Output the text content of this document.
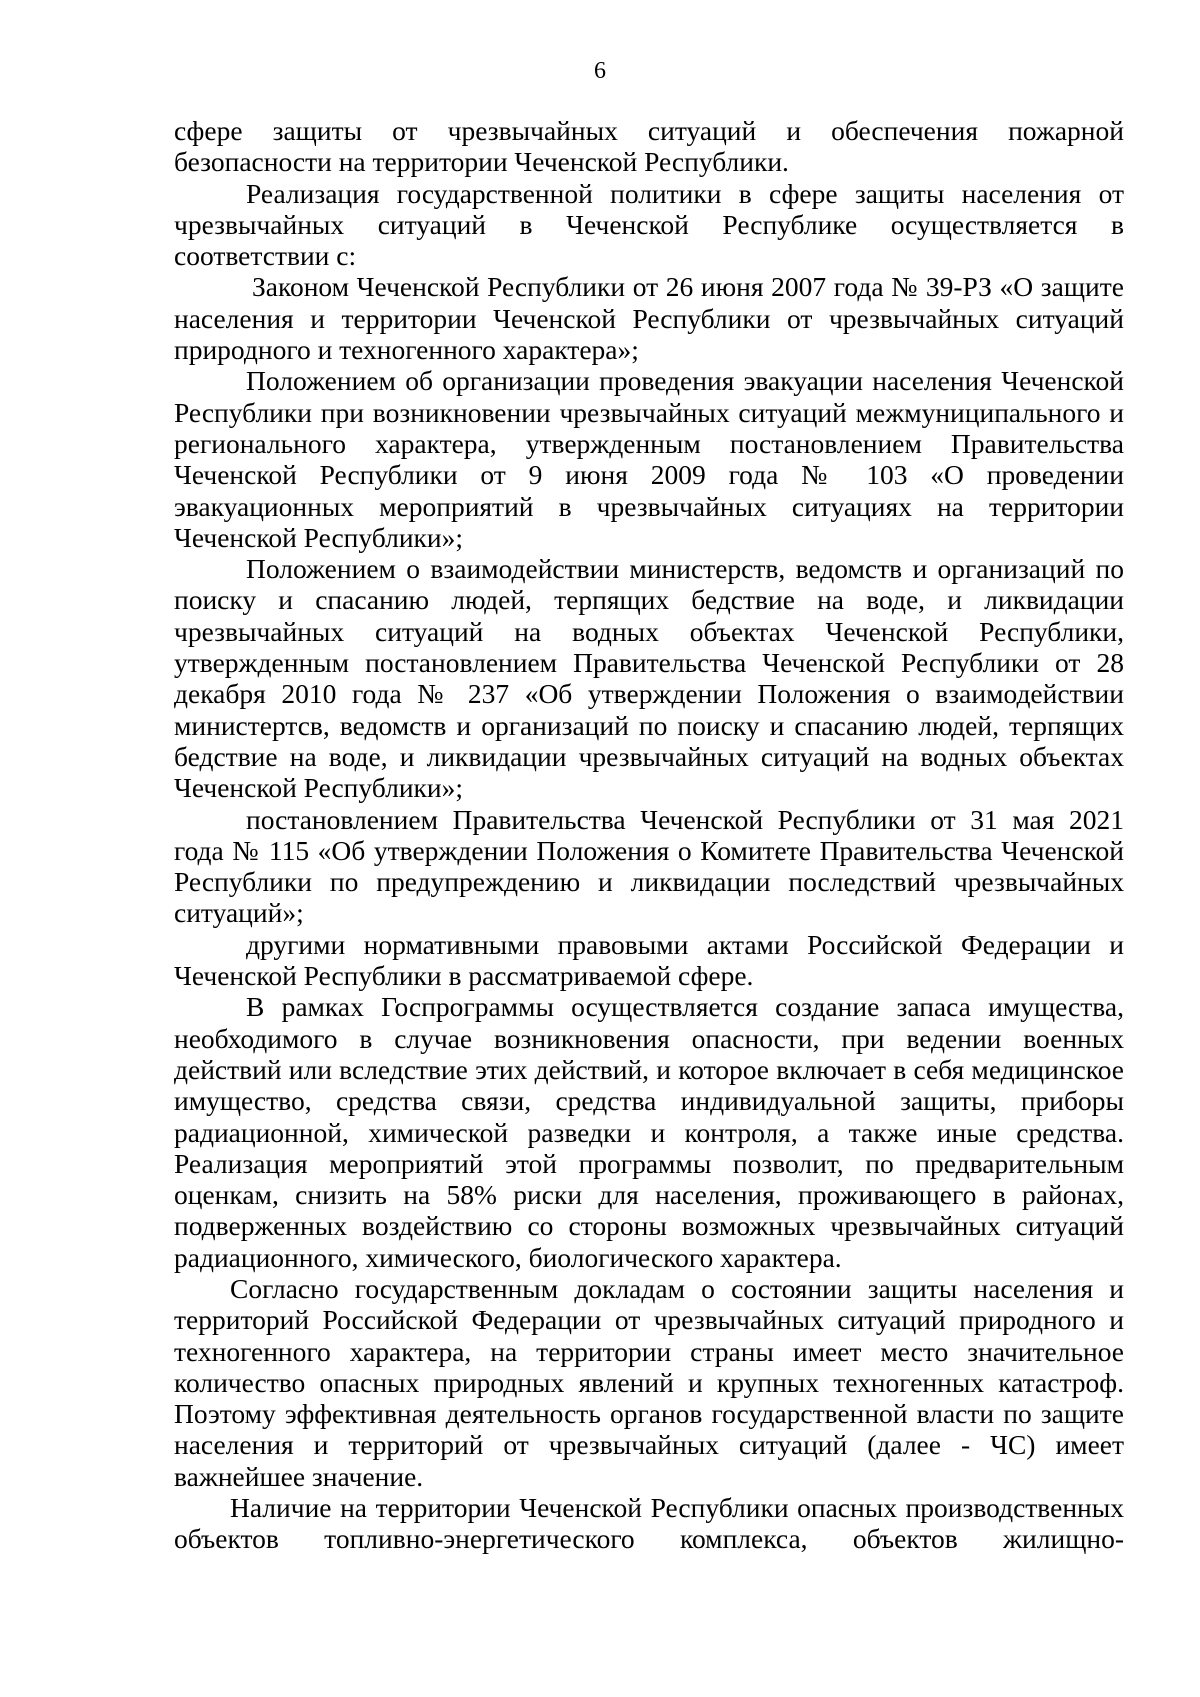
6

сфере защиты от чрезвычайных ситуаций и обеспечения пожарной безопасности на территории Чеченской Республики.

Реализация государственной политики в сфере защиты населения от чрезвычайных ситуаций в Чеченской Республике осуществляется в соответствии с:

Законом Чеченской Республики от 26 июня 2007 года № 39-РЗ «О защите населения и территории Чеченской Республики от чрезвычайных ситуаций природного и техногенного характера»;

Положением об организации проведения эвакуации населения Чеченской Республики при возникновении чрезвычайных ситуаций межмуниципального и регионального характера, утвержденным постановлением Правительства Чеченской Республики от 9 июня 2009 года № 103 «О проведении эвакуационных мероприятий в чрезвычайных ситуациях на территории Чеченской Республики»;

Положением о взаимодействии министерств, ведомств и организаций по поиску и спасанию людей, терпящих бедствие на воде, и ликвидации чрезвычайных ситуаций на водных объектах Чеченской Республики, утвержденным постановлением Правительства Чеченской Республики от 28 декабря 2010 года № 237 «Об утверждении Положения о взаимодействии министертсв, ведомств и организаций по поиску и спасанию людей, терпящих бедствие на воде, и ликвидации чрезвычайных ситуаций на водных объектах Чеченской Республики»;

постановлением Правительства Чеченской Республики от 31 мая 2021 года № 115 «Об утверждении Положения о Комитете Правительства Чеченской Республики по предупреждению и ликвидации последствий чрезвычайных ситуаций»;

другими нормативными правовыми актами Российской Федерации и Чеченской Республики в рассматриваемой сфере.

В рамках Госпрограммы осуществляется создание запаса имущества, необходимого в случае возникновения опасности, при ведении военных действий или вследствие этих действий, и которое включает в себя медицинское имущество, средства связи, средства индивидуальной защиты, приборы радиационной, химической разведки и контроля, а также иные средства. Реализация мероприятий этой программы позволит, по предварительным оценкам, снизить на 58% риски для населения, проживающего в районах, подверженных воздействию со стороны возможных чрезвычайных ситуаций радиационного, химического, биологического характера.

Согласно государственным докладам о состоянии защиты населения и территорий Российской Федерации от чрезвычайных ситуаций природного и техногенного характера, на территории страны имеет место значительное количество опасных природных явлений и крупных техногенных катастроф. Поэтому эффективная деятельность органов государственной власти по защите населения и территорий от чрезвычайных ситуаций (далее - ЧС) имеет важнейшее значение.

Наличие на территории Чеченской Республики опасных производственных объектов топливно-энергетического комплекса, объектов жилищно-
